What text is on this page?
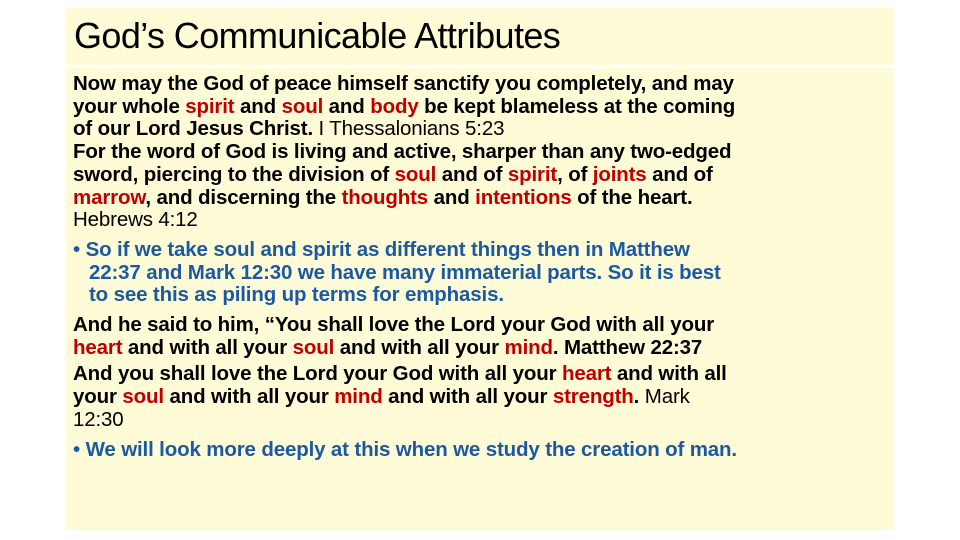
God’s Communicable Attributes
Now may the God of peace himself sanctify you completely, and may
your whole spirit and soul and body be kept blameless at the coming
of our Lord Jesus Christ. I Thessalonians 5:23
For the word of God is living and active, sharper than any two-edged
sword, piercing to the division of soul and of spirit, of joints and of
marrow, and discerning the thoughts and intentions of the heart.
Hebrews 4:12
• So if we take soul and spirit as different things then in Matthew
22:37 and Mark 12:30 we have many immaterial parts. So it is best
to see this as piling up terms for emphasis.
And he said to him, “You shall love the Lord your God with all your
heart and with all your soul and with all your mind. Matthew 22:37
And you shall love the Lord your God with all your heart and with all
your soul and with all your mind and with all your strength. Mark
12:30
• We will look more deeply at this when we study the creation of man.
